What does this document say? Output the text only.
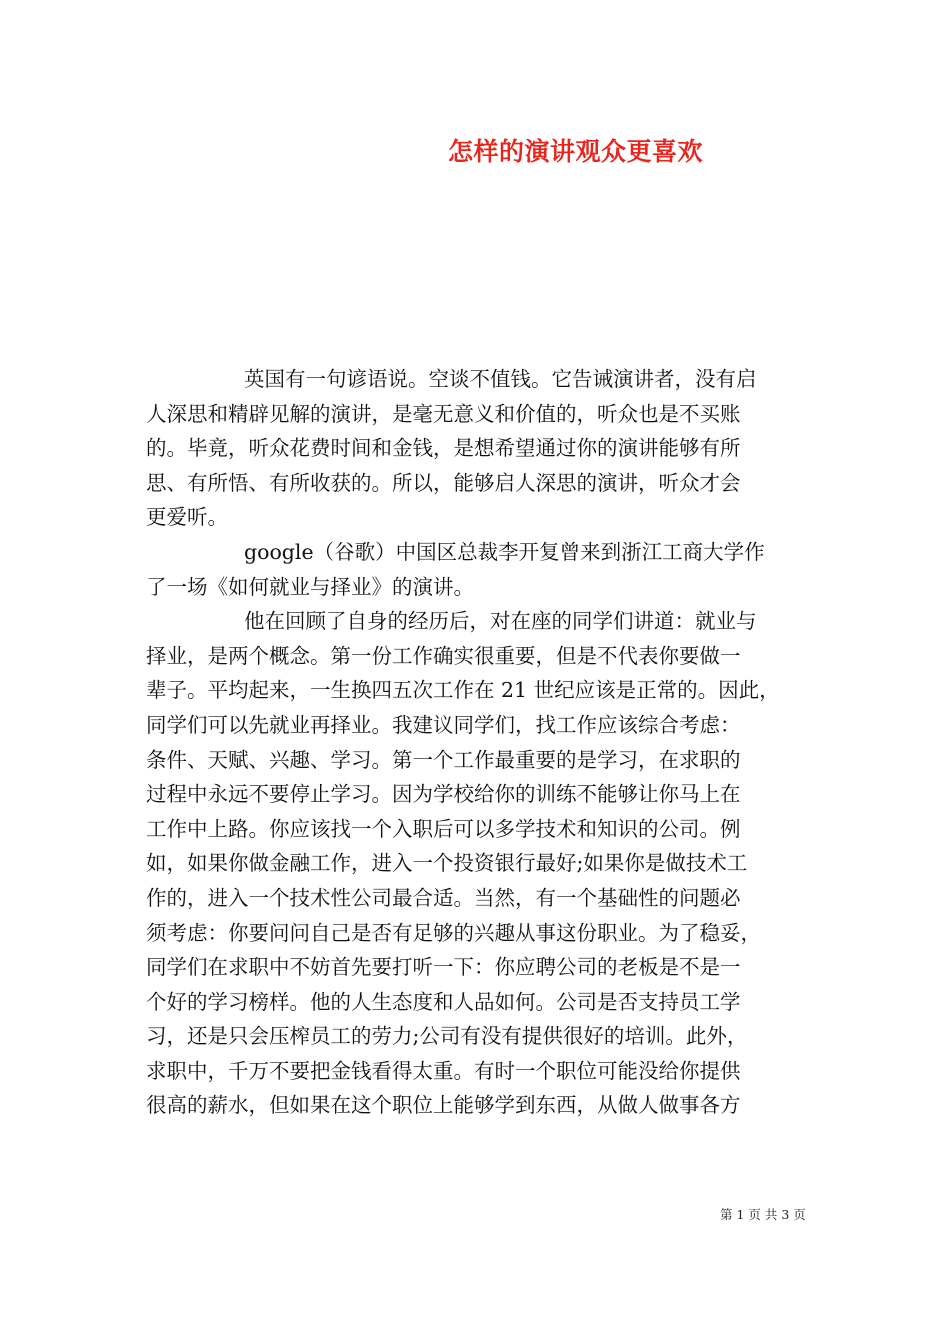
怎样的演讲观众更喜欢
英国有一句谚语说。空谈不值钱。它告诫演讲者，没有启
人深思和精辟见解的演讲，是毫无意义和价值的，听众也是不买账
的。毕竟，听众花费时间和金钱，是想希望通过你的演讲能够有所
思、有所悟、有所收获的。所以，能够启人深思的演讲，听众才会
更爱听。
google（谷歌）中国区总裁李开复曾来到浙江工商大学作
了一场《如何就业与择业》的演讲。
他在回顾了自身的经历后，对在座的同学们讲道：就业与
择业，是两个概念。第一份工作确实很重要，但是不代表你要做一
辈子。平均起来，一生换四五次工作在 21 世纪应该是正常的。因此，
同学们可以先就业再择业。我建议同学们，找工作应该综合考虑：
条件、天赋、兴趣、学习。第一个工作最重要的是学习，在求职的
过程中永远不要停止学习。因为学校给你的训练不能够让你马上在
工作中上路。你应该找一个入职后可以多学技术和知识的公司。例
如，如果你做金融工作，进入一个投资银行最好;如果你是做技术工
作的，进入一个技术性公司最合适。当然，有一个基础性的问题必
须考虑：你要问问自己是否有足够的兴趣从事这份职业。为了稳妥，
同学们在求职中不妨首先要打听一下：你应聘公司的老板是不是一
个好的学习榜样。他的人生态度和人品如何。公司是否支持员工学
习，还是只会压榨员工的劳力;公司有没有提供很好的培训。此外，
求职中，千万不要把金钱看得太重。有时一个职位可能没给你提供
很高的薪水，但如果在这个职位上能够学到东西，从做人做事各方
第 1 页 共 3 页
